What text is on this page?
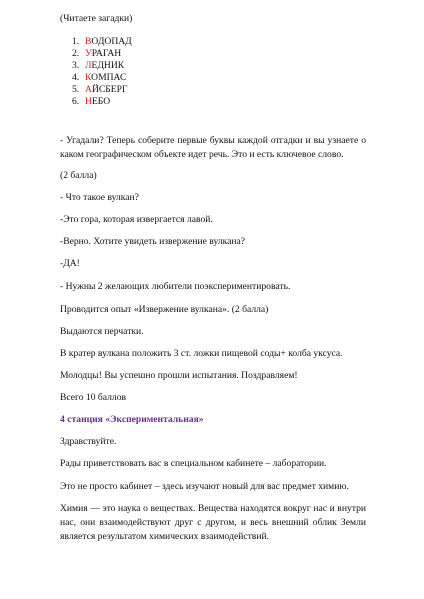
(Читаете загадки)
1. ВОДОПАД
2. УРАГАН
3. ЛЕДНИК
4. КОМПАС
5. АЙСБЕРГ
6. НЕБО
- Угадали? Теперь соберите первые буквы каждой отгадки и вы узнаете о каком географическом объекте идет речь. Это и есть ключевое слово.
(2 балла)
- Что такое вулкан?
-Это гора, которая извергается лавой.
-Верно. Хотите увидеть извержение вулкана?
-ДА!
- Нужны 2 желающих любители поэкспериментировать.
Проводится опыт «Извержение вулкана». (2 балла)
Выдаются перчатки.
В кратер вулкана положить 3 ст. ложки пищевой соды+ колба уксуса.
Молодцы! Вы успешно прошли испытания. Поздравляем!
Всего 10 баллов
4 станция «Экспериментальная»
Здравствуйте.
Рады приветствовать вас в специальном кабинете – лаборатории.
Это не просто кабинет – здесь изучают новый для вас предмет химию.
Химия — это наука о веществах. Вещества находятся вокруг нас и внутри нас, они взаимодействуют друг с другом, и весь внешний облик Земли является результатом химических взаимодействий.
